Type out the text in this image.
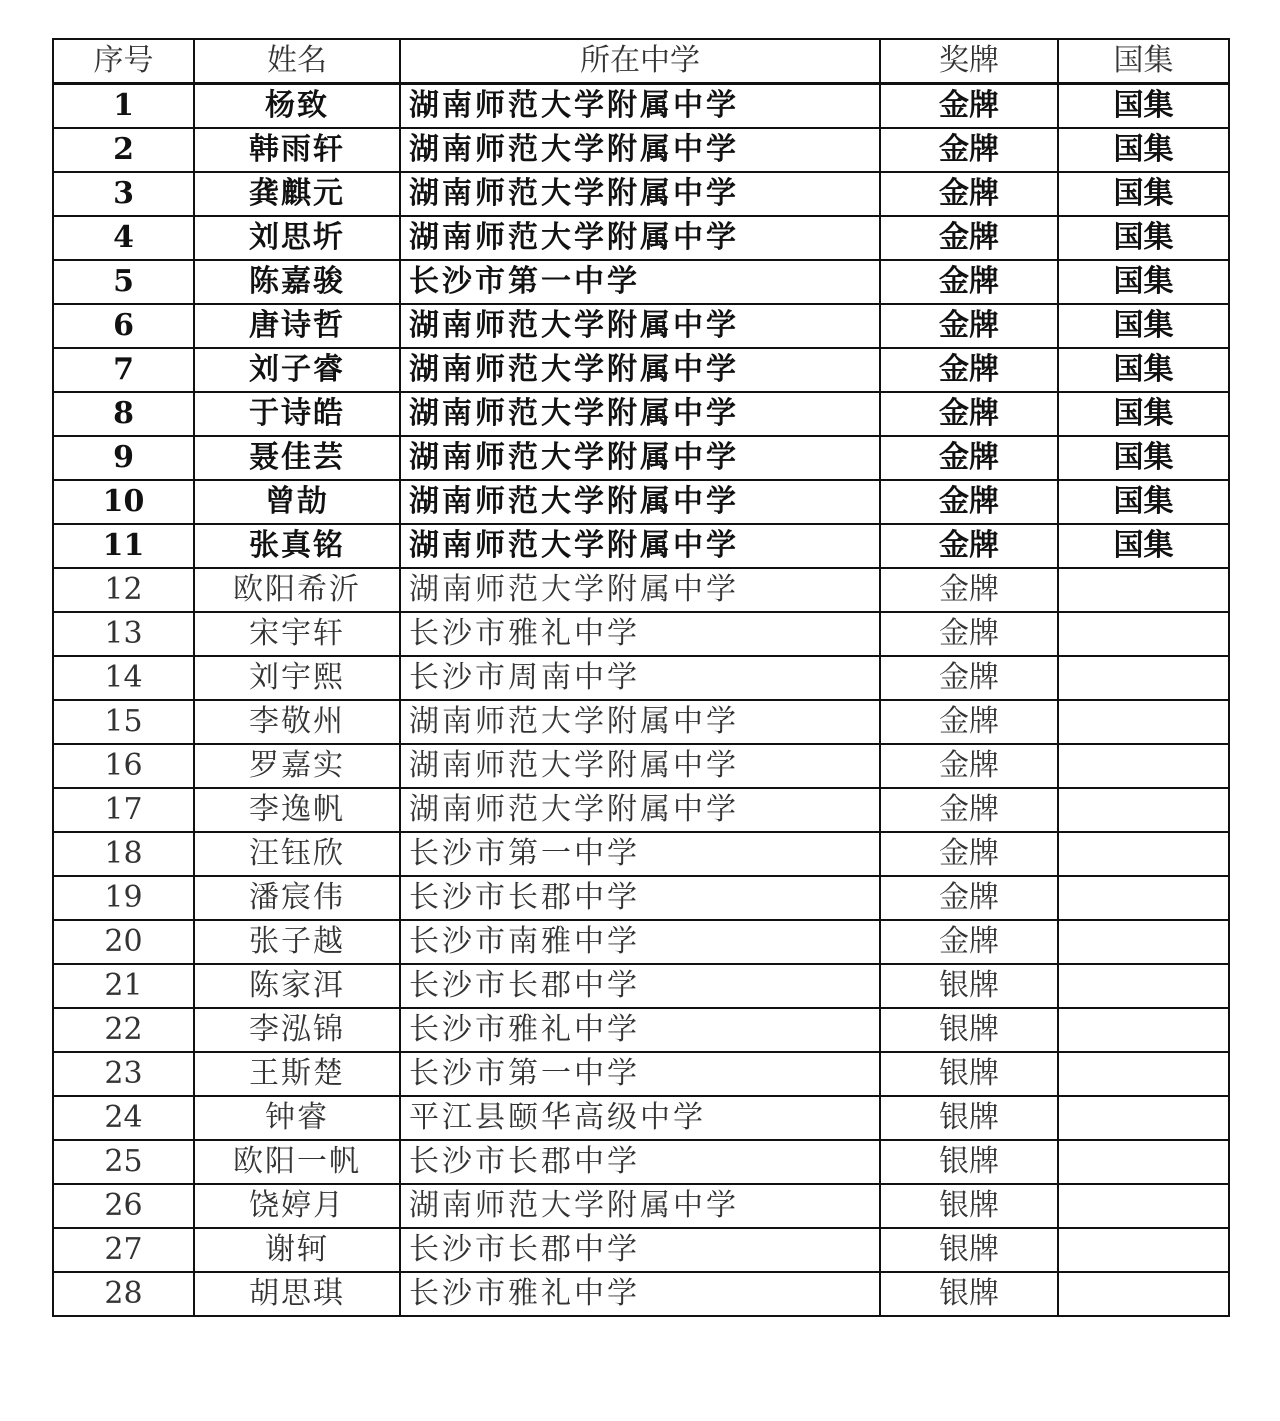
序号	姓名	所在中学	奖牌	国集
1	杨致	湖南师范大学附属中学	金牌	国集
2	韩雨轩	湖南师范大学附属中学	金牌	国集
3	龚麒元	湖南师范大学附属中学	金牌	国集
4	刘思圻	湖南师范大学附属中学	金牌	国集
5	陈嘉骏	长沙市第一中学	金牌	国集
6	唐诗哲	湖南师范大学附属中学	金牌	国集
7	刘子睿	湖南师范大学附属中学	金牌	国集
8	于诗皓	湖南师范大学附属中学	金牌	国集
9	聂佳芸	湖南师范大学附属中学	金牌	国集
10	曾劼	湖南师范大学附属中学	金牌	国集
11	张真铭	湖南师范大学附属中学	金牌	国集
12	欧阳希沂	湖南师范大学附属中学	金牌	
13	宋宇轩	长沙市雅礼中学	金牌	
14	刘宇熙	长沙市周南中学	金牌	
15	李敬州	湖南师范大学附属中学	金牌	
16	罗嘉实	湖南师范大学附属中学	金牌	
17	李逸帆	湖南师范大学附属中学	金牌	
18	汪钰欣	长沙市第一中学	金牌	
19	潘宸伟	长沙市长郡中学	金牌	
20	张子越	长沙市南雅中学	金牌	
21	陈家洱	长沙市长郡中学	银牌	
22	李泓锦	长沙市雅礼中学	银牌	
23	王斯楚	长沙市第一中学	银牌	
24	钟睿	平江县颐华高级中学	银牌	
25	欧阳一帆	长沙市长郡中学	银牌	
26	饶婷月	湖南师范大学附属中学	银牌	
27	谢轲	长沙市长郡中学	银牌	
28	胡思琪	长沙市雅礼中学	银牌	
